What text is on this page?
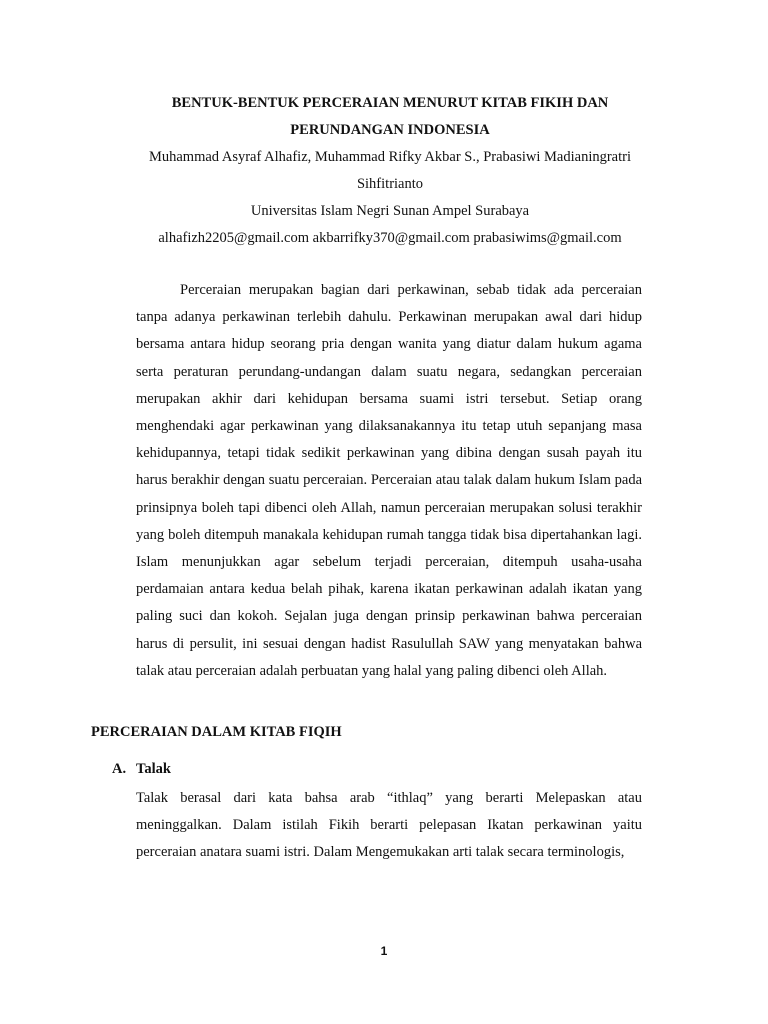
BENTUK-BENTUK PERCERAIAN MENURUT KITAB FIKIH DAN
PERUNDANGAN INDONESIA
Muhammad Asyraf Alhafiz, Muhammad Rifky Akbar S., Prabasiwi Madianingratri
Sihfitrianto
Universitas Islam Negri Sunan Ampel Surabaya
alhafizh2205@gmail.com akbarrifky370@gmail.com prabasiwims@gmail.com

Perceraian merupakan bagian dari perkawinan, sebab tidak ada perceraian tanpa adanya perkawinan terlebih dahulu. Perkawinan merupakan awal dari hidup bersama antara hidup seorang pria dengan wanita yang diatur dalam hukum agama serta peraturan perundang-undangan dalam suatu negara, sedangkan perceraian merupakan akhir dari kehidupan bersama suami istri tersebut. Setiap orang menghendaki agar perkawinan yang dilaksanakannya itu tetap utuh sepanjang masa kehidupannya, tetapi tidak sedikit perkawinan yang dibina dengan susah payah itu harus berakhir dengan suatu perceraian. Perceraian atau talak dalam hukum Islam pada prinsipnya boleh tapi dibenci oleh Allah, namun perceraian merupakan solusi terakhir yang boleh ditempuh manakala kehidupan rumah tangga tidak bisa dipertahankan lagi. Islam menunjukkan agar sebelum terjadi perceraian, ditempuh usaha-usaha perdamaian antara kedua belah pihak, karena ikatan perkawinan adalah ikatan yang paling suci dan kokoh. Sejalan juga dengan prinsip perkawinan bahwa perceraian harus di persulit, ini sesuai dengan hadist Rasulullah SAW yang menyatakan bahwa talak atau perceraian adalah perbuatan yang halal yang paling dibenci oleh Allah.

PERCERAIAN DALAM KITAB FIQIH
A. Talak

Talak berasal dari kata bahsa arab “ithlaq” yang berarti Melepaskan atau meninggalkan. Dalam istilah Fikih berarti pelepasan Ikatan perkawinan yaitu perceraian anatara suami istri. Dalam Mengemukakan arti talak secara terminologis,

1
